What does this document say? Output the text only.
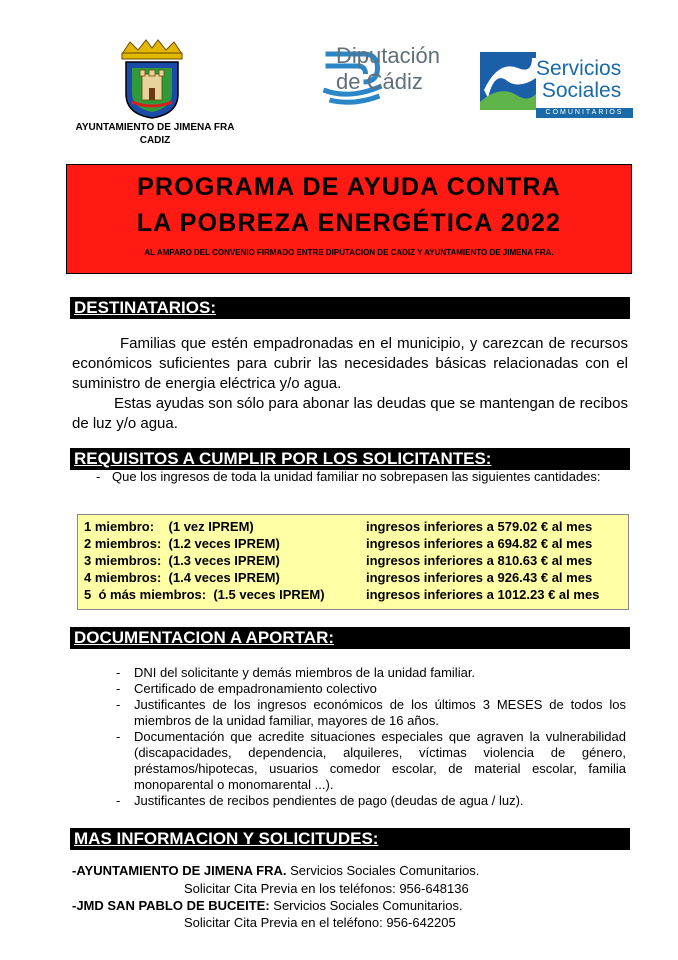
AYUNTAMIENTO DE JIMENA FRA
CADIZ
Diputación
de Cádiz
Servicios
Sociales
COMUNITARIOS
PROGRAMA DE AYUDA CONTRA
LA POBREZA ENERGÉTICA 2022
AL AMPARO DEL CONVENIO FIRMADO ENTRE DIPUTACION DE CADIZ Y AYUNTAMIENTO DE JIMENA FRA.
DESTINATARIOS:
Familias que estén empadronadas en el municipio, y carezcan de recursos económicos suficientes para cubrir las necesidades básicas relacionadas con el suministro de energia eléctrica y/o agua.
Estas ayudas son sólo para abonar las deudas que se mantengan de recibos de luz y/o agua.
REQUISITOS A CUMPLIR POR LOS SOLICITANTES:
- Que los ingresos de toda la unidad familiar no sobrepasen las siguientes cantidades:
1 miembro:    (1 vez IPREM)	ingresos inferiores a 579.02 € al mes
2 miembros:  (1.2 veces IPREM)	ingresos inferiores a 694.82 € al mes
3 miembros:  (1.3 veces IPREM)	ingresos inferiores a 810.63 € al mes
4 miembros:  (1.4 veces IPREM)	ingresos inferiores a 926.43 € al mes
5  ó más miembros:  (1.5 veces IPREM)	ingresos inferiores a 1012.23 € al mes
DOCUMENTACION A APORTAR:
- DNI del solicitante y demás miembros de la unidad familiar.
- Certificado de empadronamiento colectivo
- Justificantes de los ingresos económicos de los últimos 3 MESES de todos los miembros de la unidad familiar, mayores de 16 años.
- Documentación que acredite situaciones especiales que agraven la vulnerabilidad (discapacidades, dependencia, alquileres, víctimas violencia de género, préstamos/hipotecas, usuarios comedor escolar, de material escolar, familia monoparental o monomarental ...).
- Justificantes de recibos pendientes de pago (deudas de agua / luz).
MAS INFORMACION Y SOLICITUDES:
-AYUNTAMIENTO DE JIMENA FRA. Servicios Sociales Comunitarios.
Solicitar Cita Previa en los teléfonos: 956-648136
-JMD SAN PABLO DE BUCEITE: Servicios Sociales Comunitarios.
Solicitar Cita Previa en el teléfono: 956-642205
